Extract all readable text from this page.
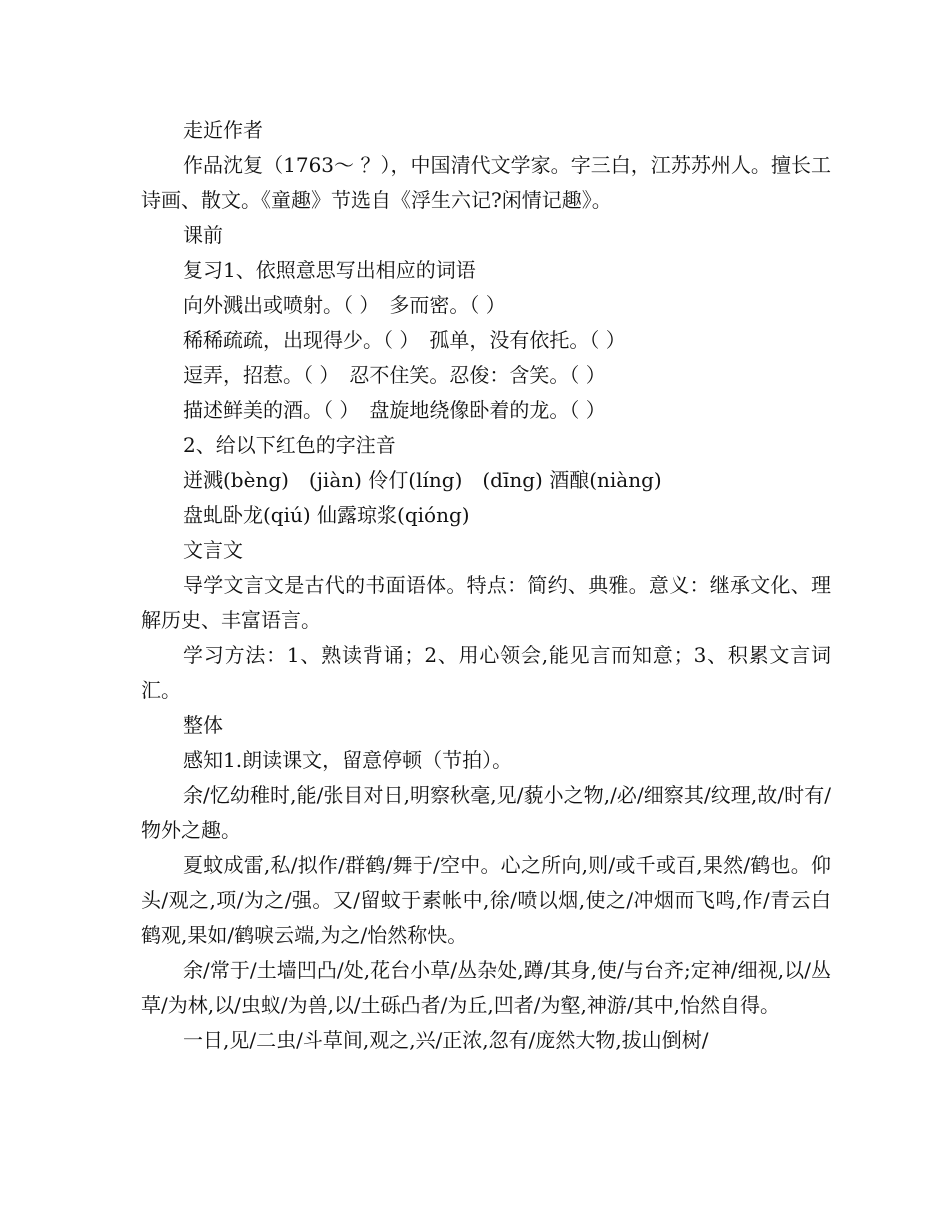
走近作者

作品沈复（1763～ ？），中国清代文学家。字三白，江苏苏州人。擅长工诗画、散文。《童趣》节选自《浮生六记?闲情记趣》。

课前

复习1、依照意思写出相应的词语

向外溅出或喷射。（ ）　多而密。（ ）

稀稀疏疏，出现得少。（ ）　孤单，没有依托。（ ）

逗弄，招惹。（ ）　忍不住笑。忍俊：含笑。（ ）

描述鲜美的酒。（ ）　盘旋地绕像卧着的龙。（ ）

2、给以下红色的字注音

迸溅(bèng)　(jiàn) 伶仃(líng)　(dīng) 酒酿(niàng)

盘虬卧龙(qiú) 仙露琼浆(qióng)

文言文

导学文言文是古代的书面语体。特点：简约、典雅。意义：继承文化、理解历史、丰富语言。

学习方法：1、熟读背诵；2、用心领会,能见言而知意；3、积累文言词汇。

整体

感知1.朗读课文，留意停顿（节拍）。

余/忆幼稚时,能/张目对日,明察秋毫,见/藐小之物,/必/细察其/纹理,故/时有/物外之趣。

夏蚊成雷,私/拟作/群鹤/舞于/空中。心之所向,则/或千或百,果然/鹤也。仰头/观之,项/为之/强。又/留蚊于素帐中,徐/喷以烟,使之/冲烟而飞鸣,作/青云白鹤观,果如/鹤唳云端,为之/怡然称快。

余/常于/土墙凹凸/处,花台小草/丛杂处,蹲/其身,使/与台齐;定神/细视,以/丛草/为林,以/虫蚁/为兽,以/土砾凸者/为丘,凹者/为壑,神游/其中,怡然自得。

一日,见/二虫/斗草间,观之,兴/正浓,忽有/庞然大物,拔山倒树/
